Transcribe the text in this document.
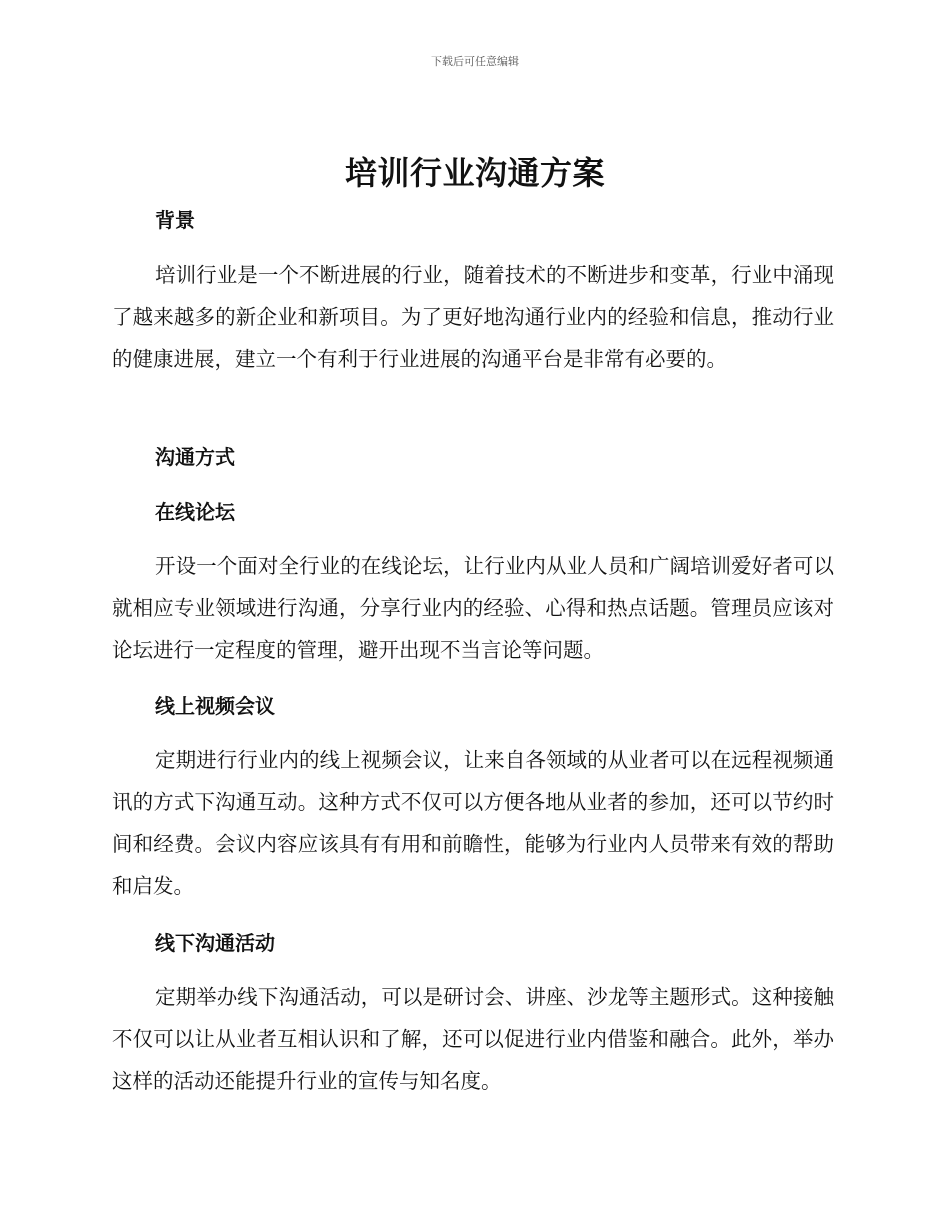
下载后可任意编辑
培训行业沟通方案
背景

培训行业是一个不断进展的行业，随着技术的不断进步和变革，行业中涌现了越来越多的新企业和新项目。为了更好地沟通行业内的经验和信息，推动行业的健康进展，建立一个有利于行业进展的沟通平台是非常有必要的。

沟通方式
在线论坛

开设一个面对全行业的在线论坛，让行业内从业人员和广阔培训爱好者可以就相应专业领域进行沟通，分享行业内的经验、心得和热点话题。管理员应该对论坛进行一定程度的管理，避开出现不当言论等问题。

线上视频会议

定期进行行业内的线上视频会议，让来自各领域的从业者可以在远程视频通讯的方式下沟通互动。这种方式不仅可以方便各地从业者的参加，还可以节约时间和经费。会议内容应该具有有用和前瞻性，能够为行业内人员带来有效的帮助和启发。

线下沟通活动

定期举办线下沟通活动，可以是研讨会、讲座、沙龙等主题形式。这种接触不仅可以让从业者互相认识和了解，还可以促进行业内借鉴和融合。此外，举办这样的活动还能提升行业的宣传与知名度。
